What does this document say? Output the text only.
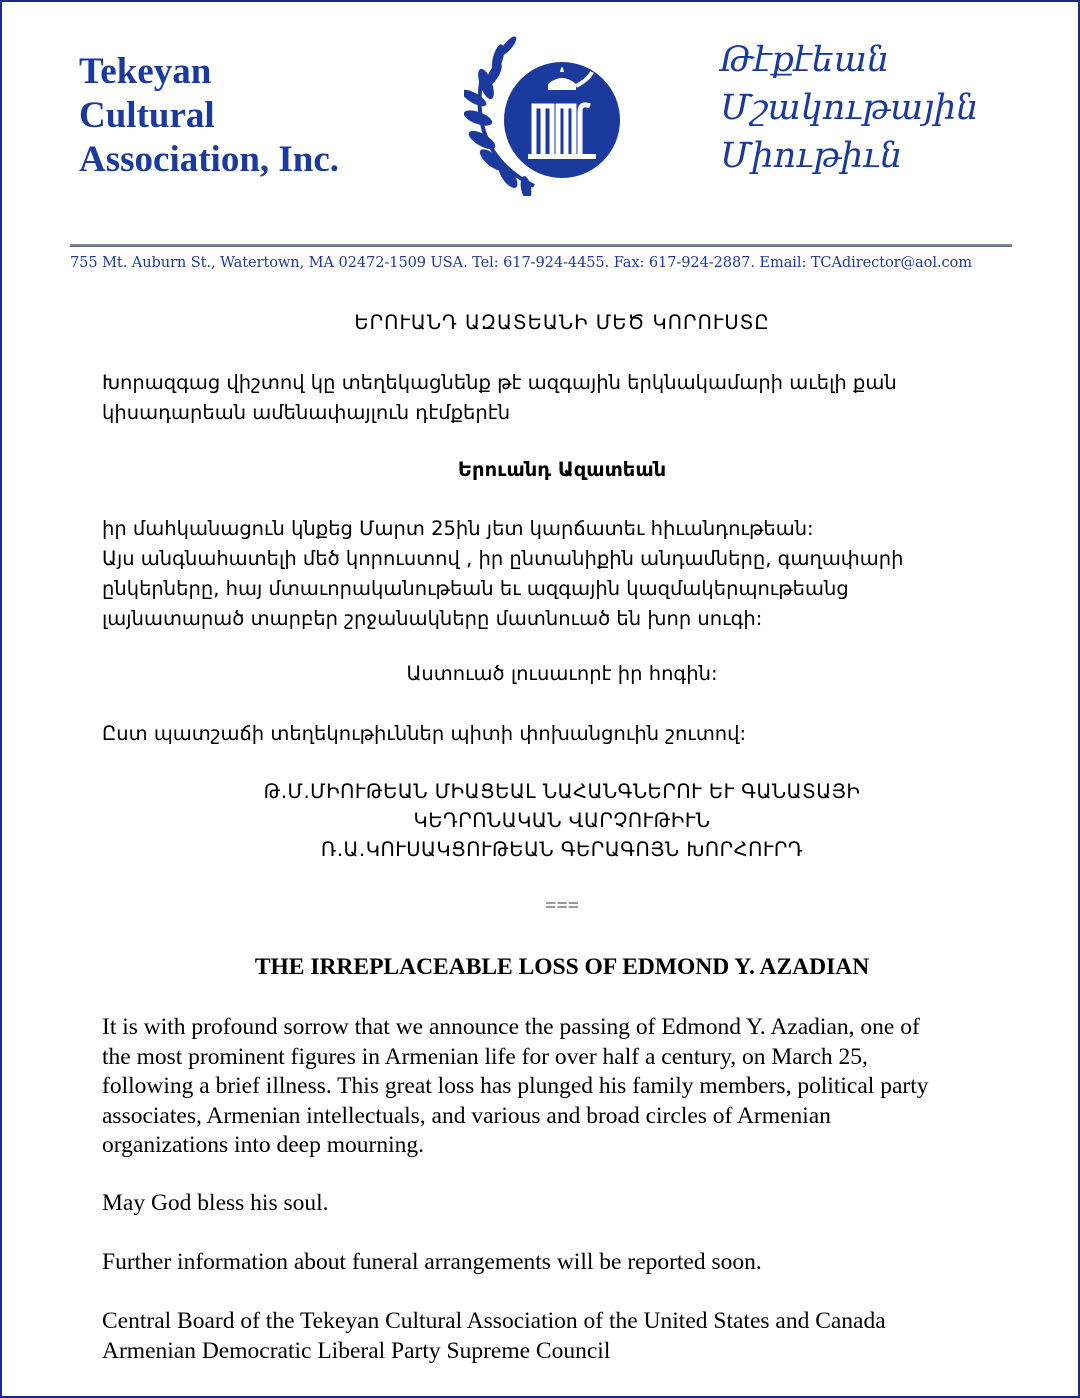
Tekeyan
Cultural
Association, Inc.
Թէքէեան
Մշակութային
Միութիւն
755 Mt. Auburn St., Watertown, MA 02472-1509 USA. Tel: 617-924-4455. Fax: 617-924-2887. Email: TCAdirector@aol.com
ԵՐՈՒԱՆԴ ԱԶԱՏԵԱՆԻ ՄԵԾ ԿՈՐՈՒՍՏԸ
Խորազգաց վիշտով կը տեղեկացնենք թէ ազգային երկնակամարի աւելի քան
կիսադարեան ամենափայլուն դէմքերէն
Երուանդ Ազատեան
իր մահկանացուն կնքեց Մարտ 25ին յետ կարճատեւ հիւանդութեան:
Այս անգնահատելի մեծ կորուստով , իր ընտանիքին անդամները, գաղափարի
ընկերները, հայ մտաւորականութեան եւ ազգային կազմակերպութեանց
լայնատարած տարբեր շրջանակները մատնուած են խոր սուգի:
Աստուած լուսաւորէ իր հոգին:
Ըստ պատշաճի տեղեկութիւններ պիտի փոխանցուին շուտով:
Թ.Մ.ՄԻՈՒԹԵԱՆ ՄԻԱՑԵԱԼ ՆԱՀԱՆԳՆԵՐՈՒ ԵՒ ԳԱՆԱՏԱՅԻ
ԿԵԴՐՈՆԱԿԱՆ ՎԱՐՉՈՒԹԻՒՆ
Ռ.Ա.ԿՈՒՍԱԿՑՈՒԹԵԱՆ ԳԵՐԱԳՈՅՆ ԽՈՐՀՈՒՐԴ
===
THE IRREPLACEABLE LOSS OF EDMOND Y. AZADIAN
It is with profound sorrow that we announce the passing of Edmond Y. Azadian, one of
the most prominent figures in Armenian life for over half a century, on March 25,
following a brief illness. This great loss has plunged his family members, political party
associates, Armenian intellectuals, and various and broad circles of Armenian
organizations into deep mourning.
May God bless his soul.
Further information about funeral arrangements will be reported soon.
Central Board of the Tekeyan Cultural Association of the United States and Canada
Armenian Democratic Liberal Party Supreme Council
